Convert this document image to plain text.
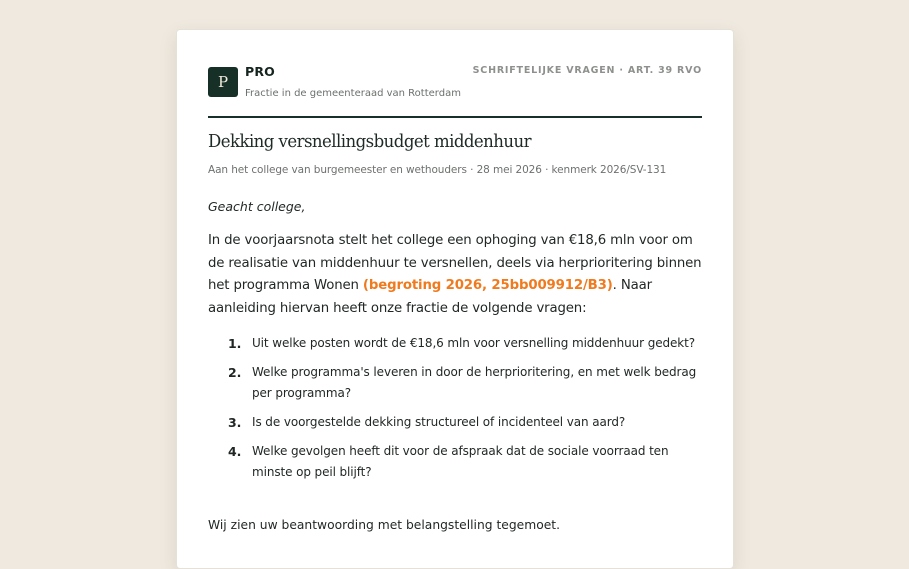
P
PRO
Fractie in de gemeenteraad van Rotterdam
SCHRIFTELIJKE VRAGEN · ART. 39 RVO
Dekking versnellingsbudget middenhuur
Aan het college van burgemeester en wethouders · 28 mei 2026 · kenmerk 2026/SV-131
Geacht college,
In de voorjaarsnota stelt het college een ophoging van €18,6 mln voor om de realisatie van middenhuur te versnellen, deels via herprioritering binnen het programma Wonen (begroting 2026, 25bb009912/B3). Naar aanleiding hiervan heeft onze fractie de volgende vragen:
1. Uit welke posten wordt de €18,6 mln voor versnelling middenhuur gedekt?
2. Welke programma's leveren in door de herprioritering, en met welk bedrag per programma?
3. Is de voorgestelde dekking structureel of incidenteel van aard?
4. Welke gevolgen heeft dit voor de afspraak dat de sociale voorraad ten minste op peil blijft?
Wij zien uw beantwoording met belangstelling tegemoet.
